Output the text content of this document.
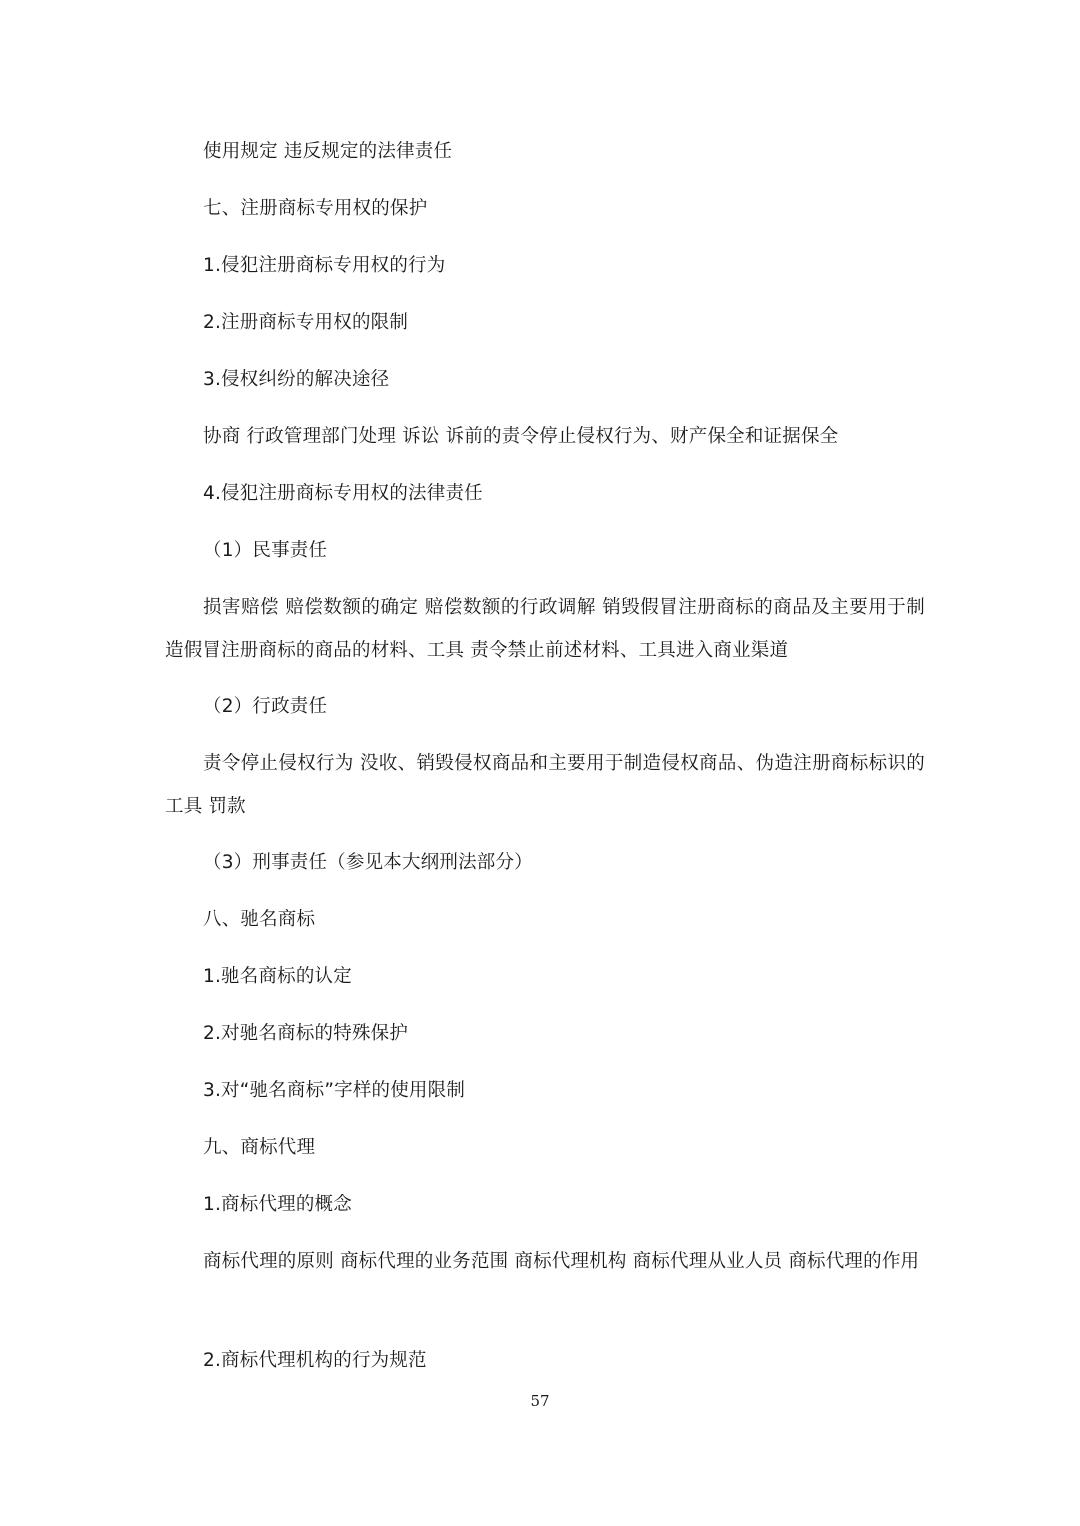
使用规定 违反规定的法律责任
七、注册商标专用权的保护
1.侵犯注册商标专用权的行为
2.注册商标专用权的限制
3.侵权纠纷的解决途径
协商 行政管理部门处理 诉讼 诉前的责令停止侵权行为、财产保全和证据保全
4.侵犯注册商标专用权的法律责任
（1）民事责任
损害赔偿 赔偿数额的确定 赔偿数额的行政调解 销毁假冒注册商标的商品及主要用于制造假冒注册商标的商品的材料、工具 责令禁止前述材料、工具进入商业渠道
（2）行政责任
责令停止侵权行为 没收、销毁侵权商品和主要用于制造侵权商品、伪造注册商标标识的工具 罚款
（3）刑事责任（参见本大纲刑法部分）
八、驰名商标
1.驰名商标的认定
2.对驰名商标的特殊保护
3.对“驰名商标”字样的使用限制
九、商标代理
1.商标代理的概念
商标代理的原则 商标代理的业务范围 商标代理机构 商标代理从业人员 商标代理的作用
2.商标代理机构的行为规范
57
